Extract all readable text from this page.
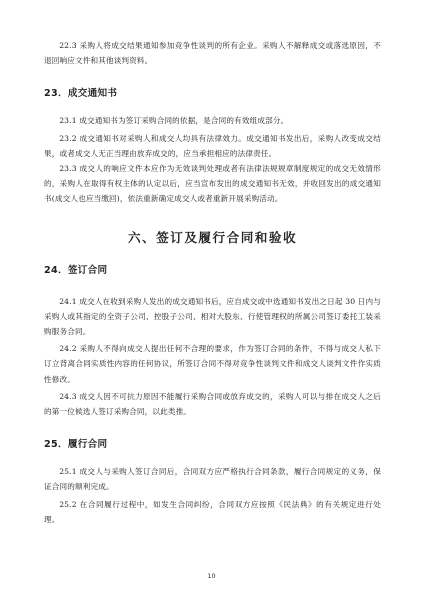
22.3 采购人将成交结果通知参加竞争性谈判的所有企业。采购人不解释成交或落选原因，不退回响应文件和其他谈判资料。

23．成交通知书

23.1 成交通知书为签订采购合同的依据，是合同的有效组成部分。

23.2 成交通知书对采购人和成交人均具有法律效力。成交通知书发出后，采购人改变成交结果，或者成交人无正当理由放弃成交的，应当承担相应的法律责任。

23.3 成交人的响应文件本应作为无效谈判处理或者有法律法规规章制度规定的成交无效情形的，采购人在取得有权主体的认定以后，应当宣布发出的成交通知书无效，并收回发出的成交通知书(成交人也应当缴回)，依法重新确定成交人或者重新开展采购活动。

六、签订及履行合同和验收
24．签订合同

24.1 成交人在收到采购人发出的成交通知书后，应自成交或中选通知书发出之日起 30 日内与采购人或其指定的全资子公司、控股子公司、相对大股东、行使管理权的所属公司签订委托工装采购服务合同。

24.2 采购人不得向成交人提出任何不合理的要求，作为签订合同的条件，不得与成交人私下订立背离合同实质性内容的任何协议，所签订合同不得对竞争性谈判文件和成交人谈判文件作实质性修改。

24.3 成交人因不可抗力原因不能履行采购合同或放弃成交的，采购人可以与排在成交人之后的第一位候选人签订采购合同，以此类推。

25．履行合同

25.1 成交人与采购人签订合同后，合同双方应严格执行合同条款，履行合同规定的义务，保证合同的顺利完成。

25.2 在合同履行过程中，如发生合同纠纷，合同双方应按照《民法典》的有关规定进行处理。

10
